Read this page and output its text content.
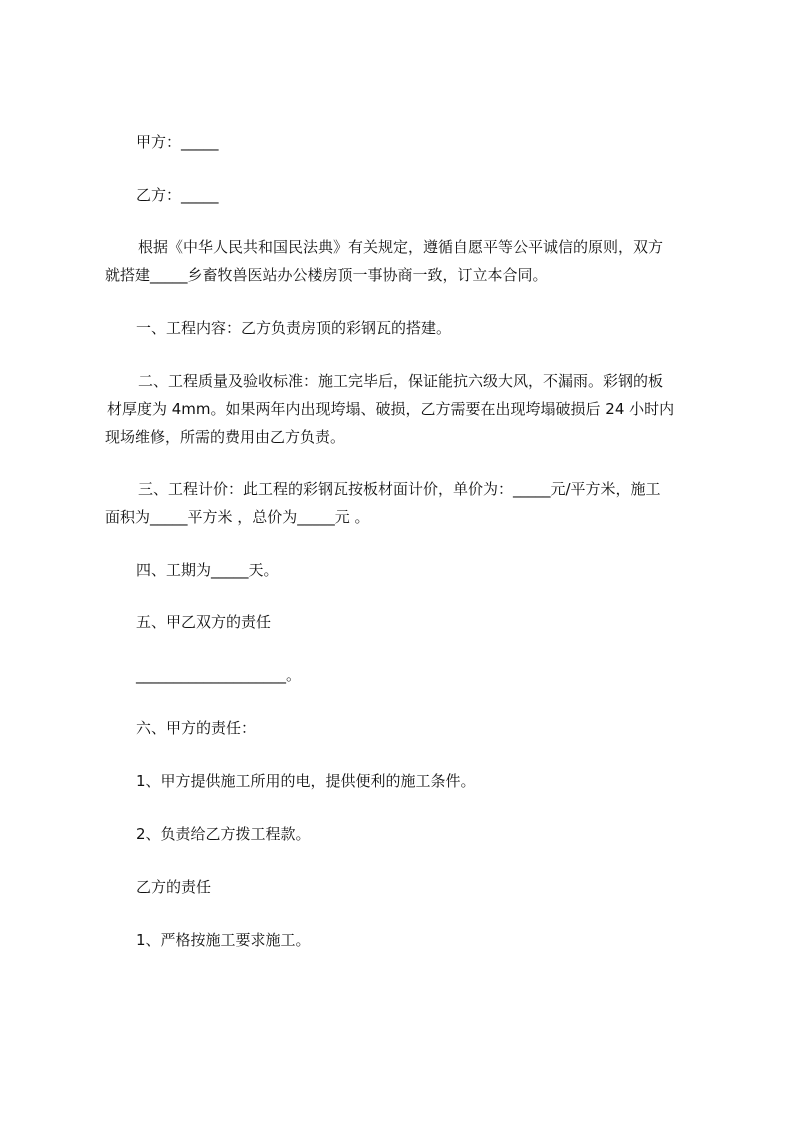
甲方：_____

乙方：_____

根据《中华人民共和国民法典》有关规定，遵循自愿平等公平诚信的原则，双方

就搭建_____乡畜牧兽医站办公楼房顶一事协商一致，订立本合同。

一、工程内容：乙方负责房顶的彩钢瓦的搭建。

二、工程质量及验收标准：施工完毕后，保证能抗六级大风，不漏雨。彩钢的板

材厚度为 4mm。如果两年内出现垮塌、破损，乙方需要在出现垮塌破损后 24 小时内

现场维修，所需的费用由乙方负责。

三、工程计价：此工程的彩钢瓦按板材面计价，单价为：_____元/平方米，施工

面积为_____平方米 ，总价为_____元 。

四、工期为_____天。

五、甲乙双方的责任

____________________。

六、甲方的责任：

1、甲方提供施工所用的电，提供便利的施工条件。

2、负责给乙方拨工程款。

乙方的责任

1、严格按施工要求施工。
